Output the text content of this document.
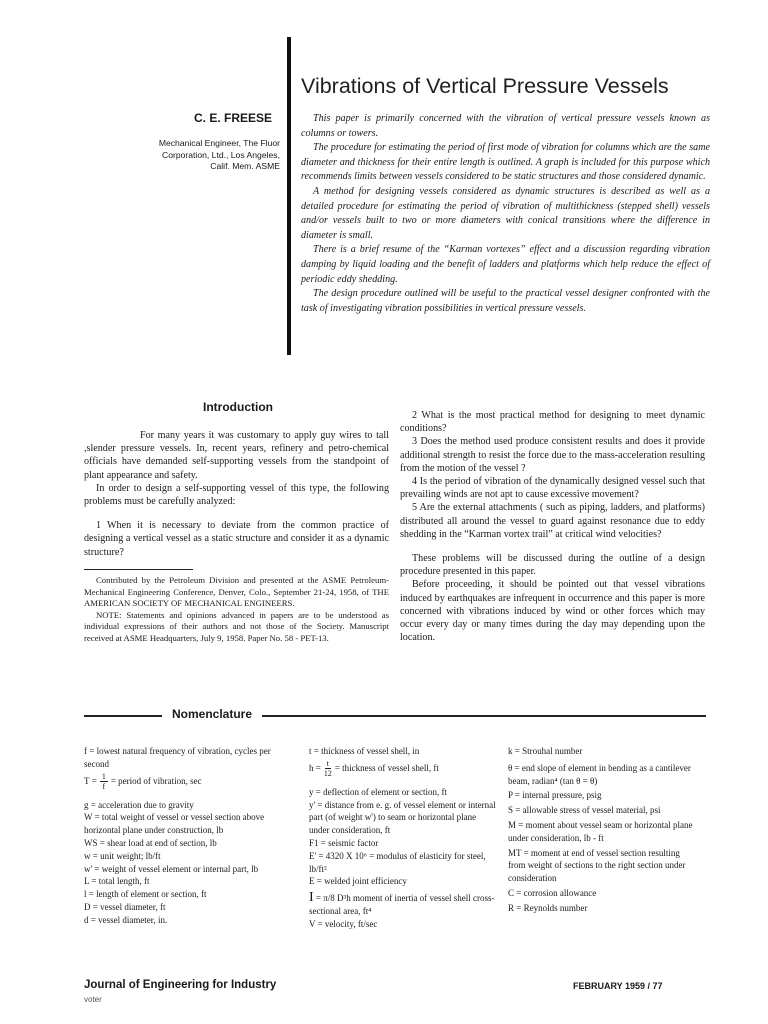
Vibrations of Vertical Pressure Vessels
C. E. FREESE
Mechanical Engineer, The Fluor Corporation, Ltd., Los Angeles, Calif. Mem. ASME

This paper is primarily concerned with the vibration of vertical pressure vessels known as columns or towers.

The procedure for estimating the period of first mode of vibration for columns which are the same diameter and thickness for their entire length is outlined. A graph is included for this purpose which recommends limits between vessels considered to be static structures and those considered dynamic.

A method for designing vessels considered as dynamic structures is described as well as a detailed procedure for estimating the period of vibration of multithickness (stepped shell) vessels and/or vessels built to two or more diameters with conical transitions where the difference in diameter is small.

There is a brief resume of the “Karman vortexes” effect and a discussion regarding vibration damping by liquid loading and the benefit of ladders and platforms which help reduce the effect of periodic eddy shedding.

The design procedure outlined will be useful to the practical vessel designer confronted with the task of investigating vibration possibilities in vertical pressure vessels.

Introduction

For many years it was customary to apply guy wires to tall ,slender pressure vessels. In, recent years, refinery and petro-chemical officials have demanded self-supporting vessels from the standpoint of plant appearance and safety.

In order to design a self-supporting vessel of this type, the following problems must be carefully analyzed:

1 When it is necessary to deviate from the common practice of designing a vertical vessel as a static structure and consider it as a dynamic structure?

Contributed by the Petroleum Division and presented at the ASME Petroleum-Mechanical Engineering Conference, Denver, Colo., September 21-24, 1958, of THE AMERICAN SOCIETY OF MECHANICAL ENGINEERS.

NOTE: Statements and opinions advanced in papers are to be understood as individual expressions of their authors and not those of the Society. Manuscript received at ASME Headquarters, July 9, 1958. Paper No. 58 - PET-13.

2 What is the most practical method for designing to meet dynamic conditions?

3 Does the method used produce consistent results and does it provide additional strength to resist the force due to the mass-acceleration resulting from the motion of the vessel ?

4 Is the period of vibration of the dynamically designed vessel such that prevailing winds are not apt to cause excessive movement?

5 Are the external attachments ( such as piping, ladders, and platforms) distributed all around the vessel to guard against resonance due to eddy shedding in the “Karman vortex trail” at critical wind velocities?

These problems will be discussed during the outline of a design procedure presented in this paper.

Before proceeding, it should be pointed out that vessel vibrations induced by earthquakes are infrequent in occurrence and this paper is more concerned with vibrations induced by wind or other forces which may occur every day or many times during the day may depending upon the location.

Nomenclature
f = lowest natural frequency of vibration, cycles per second
$T = \frac{1}{f}$ = period of vibration, sec
g = acceleration due to gravity
W = total weight of vessel or vessel section above horizontal plane under construction, lb
WS = shear load at end of section, lb
w = unit weight; lb/ft
w' = weight of vessel element or internal part, lb
L = total length, ft
l = length of element or section, ft
D = vessel diameter, ft
d = vessel diameter, in.
t = thickness of vessel shell, in
$h = \frac{t}{12}$ = thickness of vessel shell, ft
y = deflection of element or section, ft
y' = distance from e. g. of vessel element or internal part (of weight w') to seam or horizontal plane under consideration, ft
F1 = seismic factor
E' = 4320 X 10⁶ = modulus of elasticity for steel, lb/ft²
E = welded joint efficiency
I = π/8 D³h moment of inertia of vessel shell cross-sectional area, ft⁴
V = velocity, ft/sec
k = Strouhal number
θ = end slope of element in bending as a cantilever beam, radian⁴ (tan θ = θ)
P = internal pressure, psig
S = allowable stress of vessel material, psi
M = moment about vessel seam or horizontal plane under consideration, lb - ft
MT = moment at end of vessel section resulting from weight of sections to the right section under consideration
C = corrosion allowance
R = Reynolds number
Journal of Engineering for Industry	FEBRUARY 1959 / 77
voter
